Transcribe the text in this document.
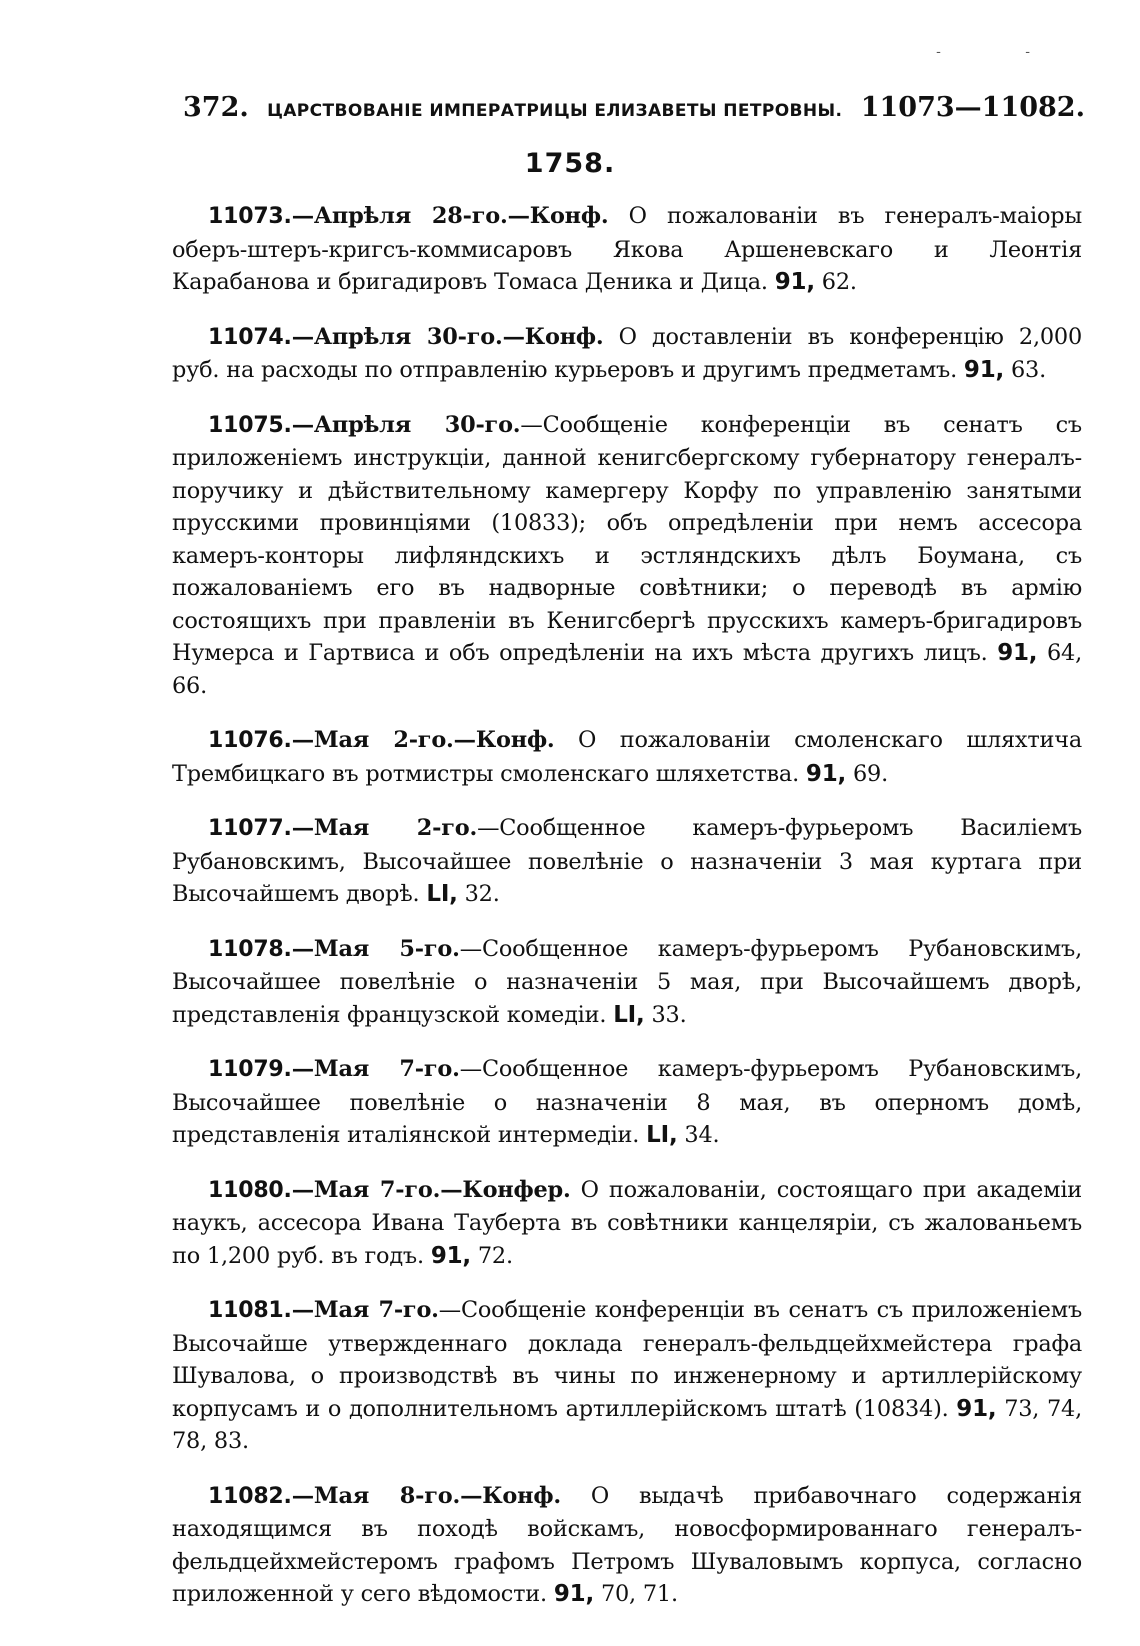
- -
372. ЦАРСТВОВАНІЕ ИМПЕРАТРИЦЫ ЕЛИЗАВЕТЫ ПЕТРОВНЫ. 11073—11082.
1758.

11073.—Апрѣля 28-го.—Конф. О пожалованіи въ генералъ-маіоры оберъ-штеръ-кригсъ-коммисаровъ Якова Аршеневскаго и Леонтія Карабанова и бригадировъ Томаса Деника и Дица. 91, 62.

11074.—Апрѣля 30-го.—Конф. О доставленіи въ конференцію 2,000 руб. на расходы по отправленію курьеровъ и другимъ предметамъ. 91, 63.

11075.—Апрѣля 30-го.—Сообщеніе конференціи въ сенатъ съ приложеніемъ инструкціи, данной кенигсбергскому губернатору генералъ-поручику и дѣйствительному камергеру Корфу по управленію занятыми прусскими провинціями (10833); объ опредѣленіи при немъ ассесора камеръ-конторы лифляндскихъ и эстляндскихъ дѣлъ Боумана, съ пожалованіемъ его въ надворные совѣтники; о переводѣ въ армію состоящихъ при правленіи въ Кенигсбергѣ прусскихъ камеръ-бригадировъ Нумерса и Гартвиса и объ опредѣленіи на ихъ мѣста другихъ лицъ. 91, 64, 66.

11076.—Мая 2-го.—Конф. О пожалованіи смоленскаго шляхтича Трембицкаго въ ротмистры смоленскаго шляхетства. 91, 69.

11077.—Мая 2-го.—Сообщенное камеръ-фурьеромъ Василіемъ Рубановскимъ, Высочайшее повелѣніе о назначеніи 3 мая куртага при Высочайшемъ дворѣ. LI, 32.

11078.—Мая 5-го.—Сообщенное камеръ-фурьеромъ Рубановскимъ, Высочайшее повелѣніе о назначеніи 5 мая, при Высочайшемъ дворѣ, представленія французской комедіи. LI, 33.

11079.—Мая 7-го.—Сообщенное камеръ-фурьеромъ Рубановскимъ, Высочайшее повелѣніе о назначеніи 8 мая, въ оперномъ домѣ, представленія италіянской интермедіи. LI, 34.

11080.—Мая 7-го.—Конфер. О пожалованіи, состоящаго при академіи наукъ, ассесора Ивана Тауберта въ совѣтники канцеляріи, съ жалованьемъ по 1,200 руб. въ годъ. 91, 72.

11081.—Мая 7-го.—Сообщеніе конференціи въ сенатъ съ приложеніемъ Высочайше утвержденнаго доклада генералъ-фельдцейхмейстера графа Шувалова, о производствѣ въ чины по инженерному и артиллерійскому корпусамъ и о дополнительномъ артиллерійскомъ штатѣ (10834). 91, 73, 74, 78, 83.

11082.—Мая 8-го.—Конф. О выдачѣ прибавочнаго содержанія находящимся въ походѣ войскамъ, новосформированнаго генералъ-фельдцейхмейстеромъ графомъ Петромъ Шуваловымъ корпуса, согласно приложенной у сего вѣдомости. 91, 70, 71.
